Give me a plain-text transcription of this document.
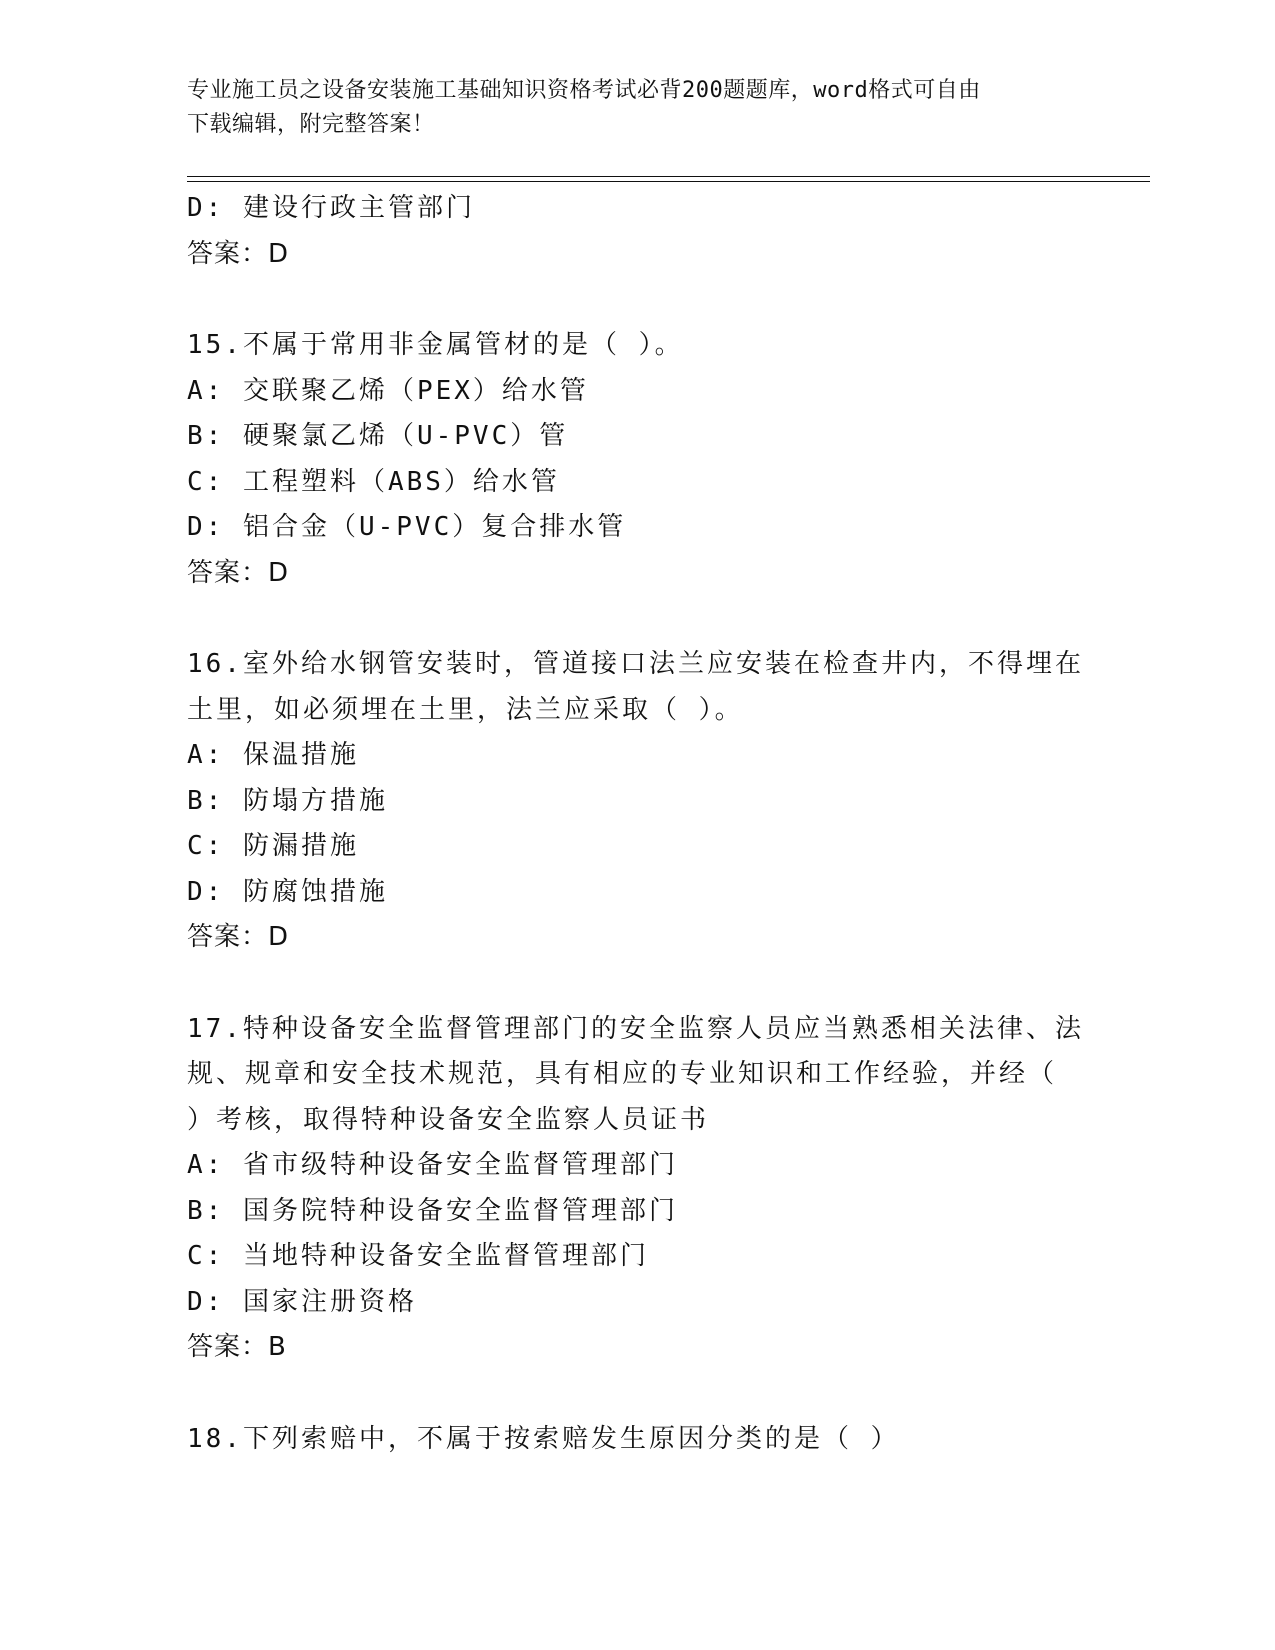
专业施工员之设备安装施工基础知识资格考试必背200题题库，word格式可自由
下载编辑，附完整答案！
D: 建设行政主管部门
答案：D
15.不属于常用非金属管材的是（ ）。
A: 交联聚乙烯（PEX）给水管
B: 硬聚氯乙烯（U-PVC）管
C: 工程塑料（ABS）给水管
D: 铝合金（U-PVC）复合排水管
答案：D
16.室外给水钢管安装时，管道接口法兰应安装在检查井内，不得埋在
土里，如必须埋在土里，法兰应采取（ ）。
A: 保温措施
B: 防塌方措施
C: 防漏措施
D: 防腐蚀措施
答案：D
17.特种设备安全监督管理部门的安全监察人员应当熟悉相关法律、法
规、规章和安全技术规范，具有相应的专业知识和工作经验，并经（
）考核，取得特种设备安全监察人员证书
A: 省市级特种设备安全监督管理部门
B: 国务院特种设备安全监督管理部门
C: 当地特种设备安全监督管理部门
D: 国家注册资格
答案：B
18.下列索赔中，不属于按索赔发生原因分类的是（ ）
